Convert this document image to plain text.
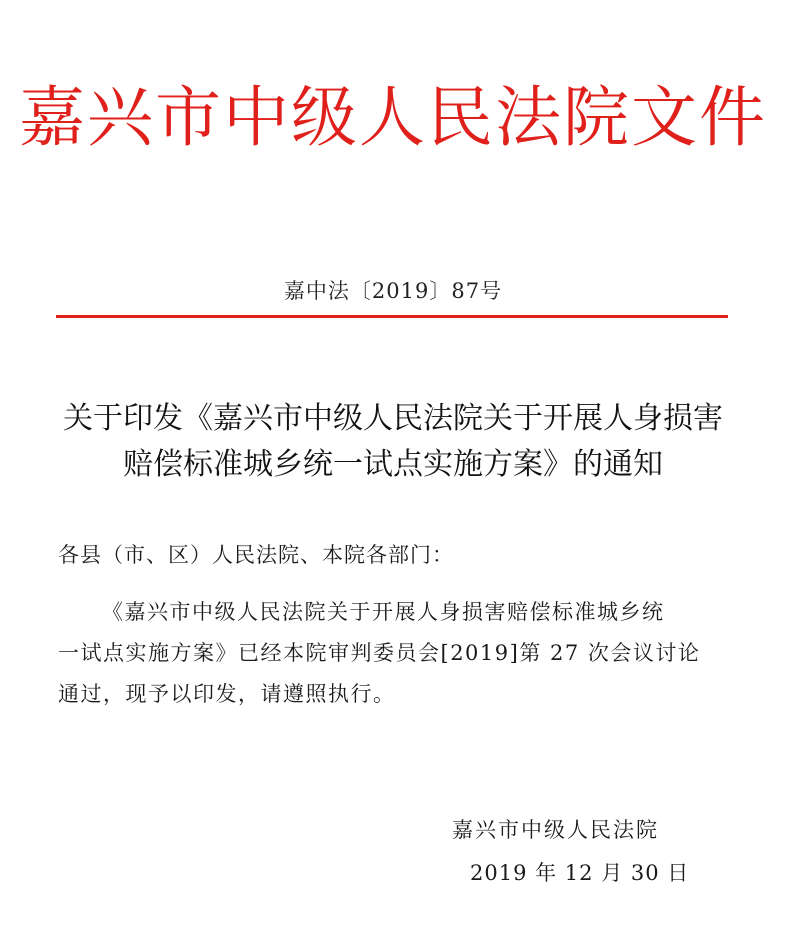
嘉兴市中级人民法院文件
嘉中法〔2019〕87号
关于印发《嘉兴市中级人民法院关于开展人身损害
赔偿标准城乡统一试点实施方案》的通知
各县（市、区）人民法院、本院各部门：
《嘉兴市中级人民法院关于开展人身损害赔偿标准城乡统
一试点实施方案》已经本院审判委员会[2019]第 27 次会议讨论
通过，现予以印发，请遵照执行。
嘉兴市中级人民法院
2019 年 12 月 30 日
